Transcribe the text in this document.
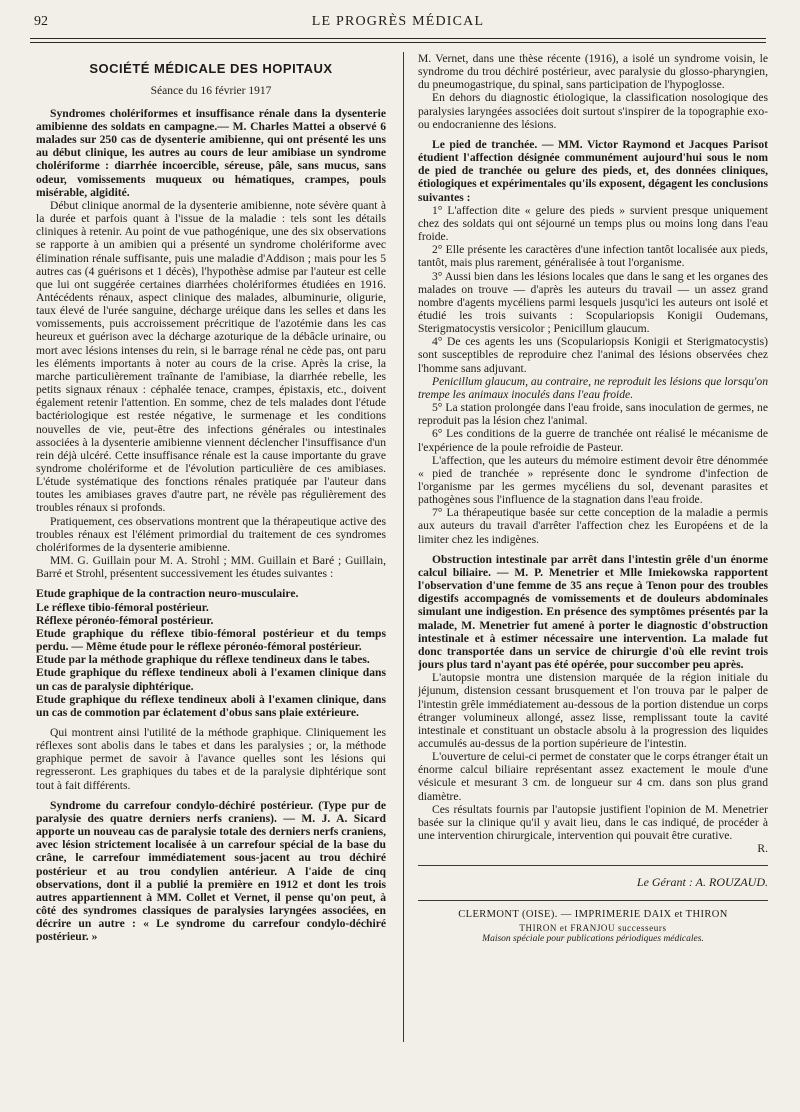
92	LE PROGRÈS MÉDICAL
SOCIÉTÉ MÉDICALE DES HOPITAUX
Séance du 16 février 1917

Syndromes cholériformes et insuffisance rénale dans la dysenterie amibienne des soldats en campagne.— M. Charles Mattei a observé 6 malades sur 250 cas de dysenterie amibienne, qui ont présenté les uns au début clinique, les autres au cours de leur amibiase un syndrome cholériforme : diarrhée incoercible, séreuse, pâle, sans mucus, sans odeur, vomissements muqueux ou hématiques, crampes, pouls misérable, algidité.

Début clinique anormal de la dysenterie amibienne, note sévère quant à la durée et parfois quant à l'issue de la maladie : tels sont les détails cliniques à retenir. Au point de vue pathogénique, une des six observations se rapporte à un amibien qui a présenté un syndrome cholériforme avec élimination rénale suffisante, puis une maladie d'Addison ; mais pour les 5 autres cas (4 guérisons et 1 décès), l'hypothèse admise par l'auteur est celle que lui ont suggérée certaines diarrhées cholériformes étudiées en 1916. Antécédents rénaux, aspect clinique des malades, albuminurie, oligurie, taux élevé de l'urée sanguine, décharge uréique dans les selles et dans les vomissements, puis accroissement précritique de l'azotémie dans les cas heureux et guérison avec la décharge azoturique de la débâcle urinaire, ou mort avec lésions intenses du rein, si le barrage rénal ne cède pas, ont paru les éléments importants à noter au cours de la crise. Après la crise, la marche particulièrement traînante de l'amibiase, la diarrhée rebelle, les petits signaux rénaux : céphalée tenace, crampes, épistaxis, etc., doivent également retenir l'attention. En somme, chez de tels malades dont l'étude bactériologique est restée négative, le surmenage et les conditions nouvelles de vie, peut-être des infections générales ou intestinales associées à la dysenterie amibienne viennent déclencher l'insuffisance d'un rein déjà ulcéré. Cette insuffisance rénale est la cause importante du grave syndrome cholériforme et de l'évolution particulière de ces amibiases. L'étude systématique des fonctions rénales pratiquée par l'auteur dans toutes les amibiases graves d'autre part, ne révèle pas régulièrement des troubles rénaux si profonds.

Pratiquement, ces observations montrent que la thérapeutique active des troubles rénaux est l'élément primordial du traitement de ces syndromes cholériformes de la dysenterie amibienne.

MM. G. Guillain pour M. A. Strohl ; MM. Guillain et Baré ; Guillain, Barré et Strohl, présentent successivement les études suivantes :

Etude graphique de la contraction neuro-musculaire.

Le réflexe tibio-fémoral postérieur.

Réflexe péronéo-fémoral postérieur.

Etude graphique du réflexe tibio-fémoral postérieur et du temps perdu. — Même étude pour le réflexe péronéo-fémoral postérieur.

Etude par la méthode graphique du réflexe tendineux dans le tabes.

Etude graphique du réflexe tendineux aboli à l'examen clinique dans un cas de paralysie diphtérique.

Etude graphique du réflexe tendineux aboli à l'examen clinique, dans un cas de commotion par éclatement d'obus sans plaie extérieure.

Qui montrent ainsi l'utilité de la méthode graphique. Cliniquement les réflexes sont abolis dans le tabes et dans les paralysies ; or, la méthode graphique permet de savoir à l'avance quelles sont les lésions qui regresseront. Les graphiques du tabes et de la paralysie diphtérique sont tout à fait différents.

Syndrome du carrefour condylo-déchiré postérieur. (Type pur de paralysie des quatre derniers nerfs craniens). — M. J. A. Sicard apporte un nouveau cas de paralysie totale des derniers nerfs craniens, avec lésion strictement localisée à un carrefour spécial de la base du crâne, le carrefour immédiatement sous-jacent au trou déchiré postérieur et au trou condylien antérieur. A l'aide de cinq observations, dont il a publié la première en 1912 et dont les trois autres appartiennent à MM. Collet et Vernet, il pense qu'on peut, à côté des syndromes classiques de paralysies laryngées associées, en décrire un autre : « Le syndrome du carrefour condylo-déchiré postérieur. »

M. Vernet, dans une thèse récente (1916), a isolé un syndrome voisin, le syndrome du trou déchiré postérieur, avec paralysie du glosso-pharyngien, du pneumogastrique, du spinal, sans participation de l'hypoglosse.

En dehors du diagnostic étiologique, la classification nosologique des paralysies laryngées associées doit surtout s'inspirer de la topographie exo-ou endocranienne des lésions.

Le pied de tranchée. — MM. Victor Raymond et Jacques Parisot étudient l'affection désignée communément aujourd'hui sous le nom de pied de tranchée ou gelure des pieds, et, des données cliniques, étiologiques et expérimentales qu'ils exposent, dégagent les conclusions suivantes :

1° L'affection dite « gelure des pieds » survient presque uniquement chez des soldats qui ont séjourné un temps plus ou moins long dans l'eau froide.

2° Elle présente les caractères d'une infection tantôt localisée aux pieds, tantôt, mais plus rarement, généralisée à tout l'organisme.

3° Aussi bien dans les lésions locales que dans le sang et les organes des malades on trouve — d'après les auteurs du travail — un assez grand nombre d'agents mycéliens parmi lesquels jusqu'ici les auteurs ont isolé et étudié les trois suivants : Scopulariopsis Konigii Oudemans, Sterigmatocystis versicolor ; Penicillum glaucum.

4° De ces agents les uns (Scopulariopsis Konigii et Sterigmatocystis) sont susceptibles de reproduire chez l'animal des lésions observées chez l'homme sans adjuvant.

Penicillum glaucum, au contraire, ne reproduit les lésions que lorsqu'on trempe les animaux inoculés dans l'eau froide.

5° La station prolongée dans l'eau froide, sans inoculation de germes, ne reproduit pas la lésion chez l'animal.

6° Les conditions de la guerre de tranchée ont réalisé le mécanisme de l'expérience de la poule refroidie de Pasteur.

L'affection, que les auteurs du mémoire estiment devoir être dénommée « pied de tranchée » représente donc le syndrome d'infection de l'organisme par les germes mycéliens du sol, devenant parasites et pathogènes sous l'influence de la stagnation dans l'eau froide.

7° La thérapeutique basée sur cette conception de la maladie a permis aux auteurs du travail d'arrêter l'affection chez les Européens et de la limiter chez les indigènes.

Obstruction intestinale par arrêt dans l'intestin grêle d'un énorme calcul biliaire. — M. P. Menetrier et Mlle Imiekowska rapportent l'observation d'une femme de 35 ans reçue à Tenon pour des troubles digestifs accompagnés de vomissements et de douleurs abdominales simulant une indigestion. En présence des symptômes présentés par la malade, M. Menetrier fut amené à porter le diagnostic d'obstruction intestinale et à estimer nécessaire une intervention. La malade fut donc transportée dans un service de chirurgie d'où elle revint trois jours plus tard n'ayant pas été opérée, pour succomber peu après.

L'autopsie montra une distension marquée de la région initiale du jéjunum, distension cessant brusquement et l'on trouva par le palper de l'intestin grêle immédiatement au-dessous de la portion distendue un corps étranger volumineux allongé, assez lisse, remplissant toute la cavité intestinale et constituant un obstacle absolu à la progression des liquides accumulés au-dessus de la portion supérieure de l'intestin.

L'ouverture de celui-ci permet de constater que le corps étranger était un énorme calcul biliaire représentant assez exactement le moule d'une vésicule et mesurant 3 cm. de longueur sur 4 cm. dans son plus grand diamètre.

Ces résultats fournis par l'autopsie justifient l'opinion de M. Menetrier basée sur la clinique qu'il y avait lieu, dans le cas indiqué, de procéder à une intervention chirurgicale, intervention qui pouvait être curative.

R.
Le Gérant : A. ROUZAUD.
CLERMONT (OISE). — IMPRIMERIE DAIX et THIRON
THIRON et FRANJOU successeurs
Maison spéciale pour publications périodiques médicales.
